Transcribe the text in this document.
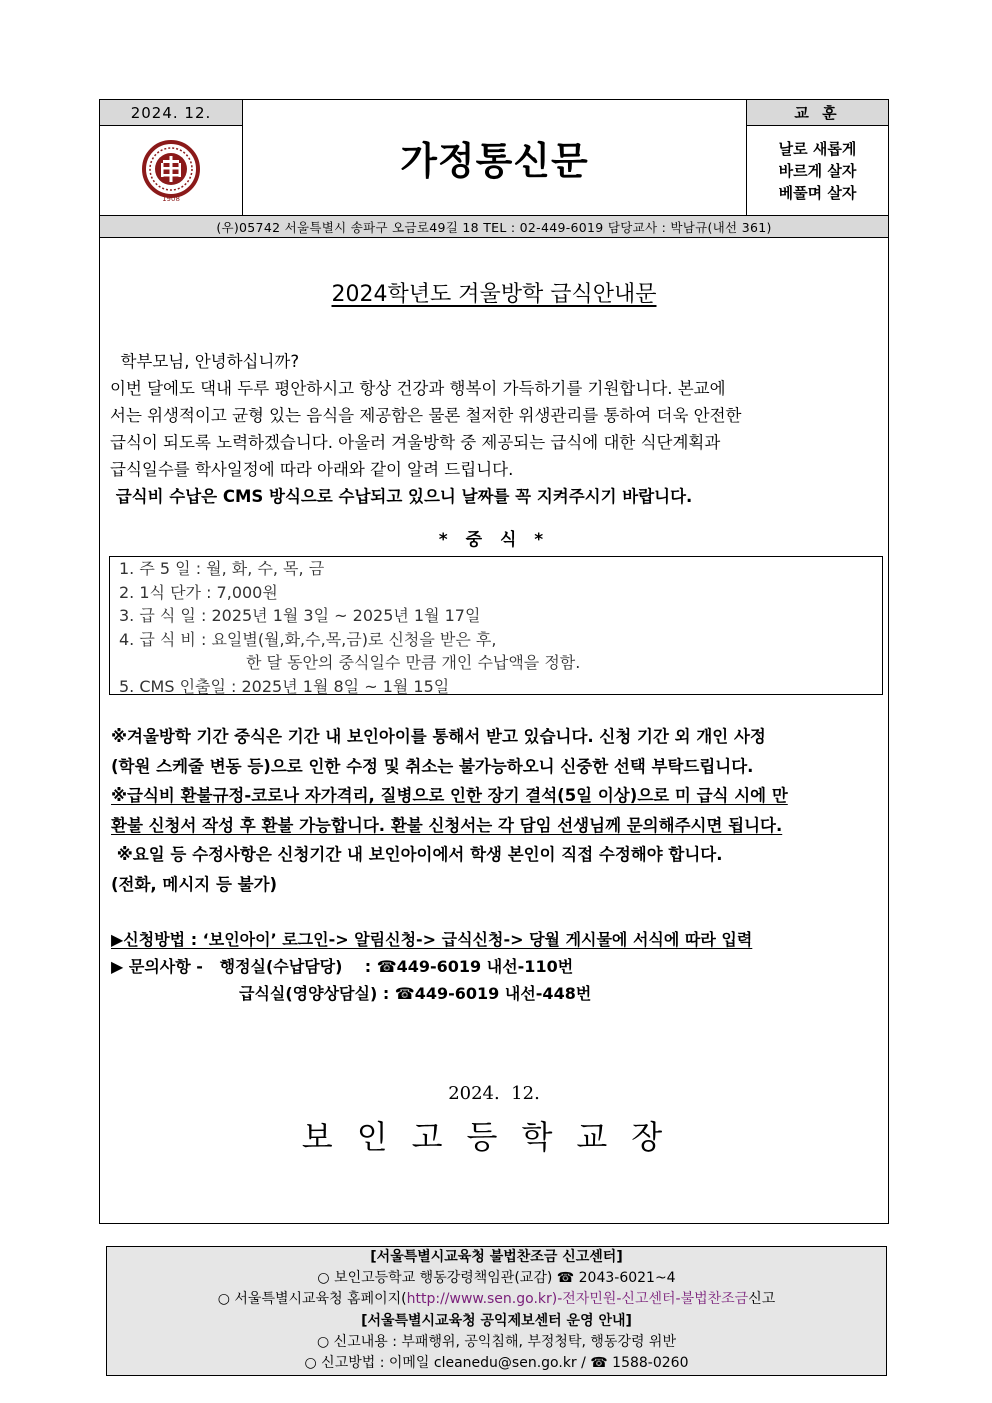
2024. 12.
1908
가정통신문
교 훈
날로 새롭게
바르게 살자
베풀며 살자
(우)05742 서울특별시 송파구 오금로49길 18 TEL : 02-449-6019 담당교사 : 박남규(내선 361)
2024학년도 겨울방학 급식안내문

학부모님, 안녕하십니까?

이번 달에도 댁내 두루 평안하시고 항상 건강과 행복이 가득하기를 기원합니다. 본교에

서는 위생적이고 균형 있는 음식을 제공함은 물론 철저한 위생관리를 통하여 더욱 안전한

급식이 되도록 노력하겠습니다. 아울러 겨울방학 중 제공되는 급식에 대한 식단계획과

급식일수를 학사일정에 따라 아래와 같이 알려 드립니다.

급식비 수납은 CMS 방식으로 수납되고 있으니 날짜를 꼭 지켜주시기 바랍니다.

* 중 식 *
1. 주 5 일 : 월, 화, 수, 목, 금
2. 1식 단가 : 7,000원
3. 급 식 일 : 2025년 1월 3일 ~ 2025년 1월 17일
4. 급 식 비 : 요일별(월,화,수,목,금)로 신청을 받은 후,
한 달 동안의 중식일수 만큼 개인 수납액을 정함.
5. CMS 인출일 : 2025년 1월 8일 ~ 1월 15일
※겨울방학 기간 중식은 기간 내 보인아이를 통해서 받고 있습니다. 신청 기간 외 개인 사정
(학원 스케줄 변동 등)으로 인한 수정 및 취소는 불가능하오니 신중한 선택 부탁드립니다.
※급식비 환불규정-코로나 자가격리, 질병으로 인한 장기 결석(5일 이상)으로 미 급식 시에 만
환불 신청서 작성 후 환불 가능합니다. 환불 신청서는 각 담임 선생님께 문의해주시면 됩니다.
※요일 등 수정사항은 신청기간 내 보인아이에서 학생 본인이 직접 수정해야 합니다.
(전화, 메시지 등 불가)
▶신청방법 : ‘보인아이’ 로그인-> 알림신청-> 급식신청-> 당월 게시물에 서식에 따라 입력
▶ 문의사항 -   행정실(수납담당)    : ☎449-6019 내선-110번
급식실(영양상담실) : ☎449-6019 내선-448번
2024.  12.
보인고등학교장
[서울특별시교육청 불법찬조금 신고센터]
○ 보인고등학교 행동강령책임관(교감) ☎ 2043-6021~4
○ 서울특별시교육청 홈페이지(http://www.sen.go.kr)-전자민원-신고센터-불법찬조금신고
[서울특별시교육청 공익제보센터 운영 안내]
○ 신고내용 : 부패행위, 공익침해, 부정청탁, 행동강령 위반
○ 신고방법 : 이메일 cleanedu@sen.go.kr / ☎ 1588-0260
